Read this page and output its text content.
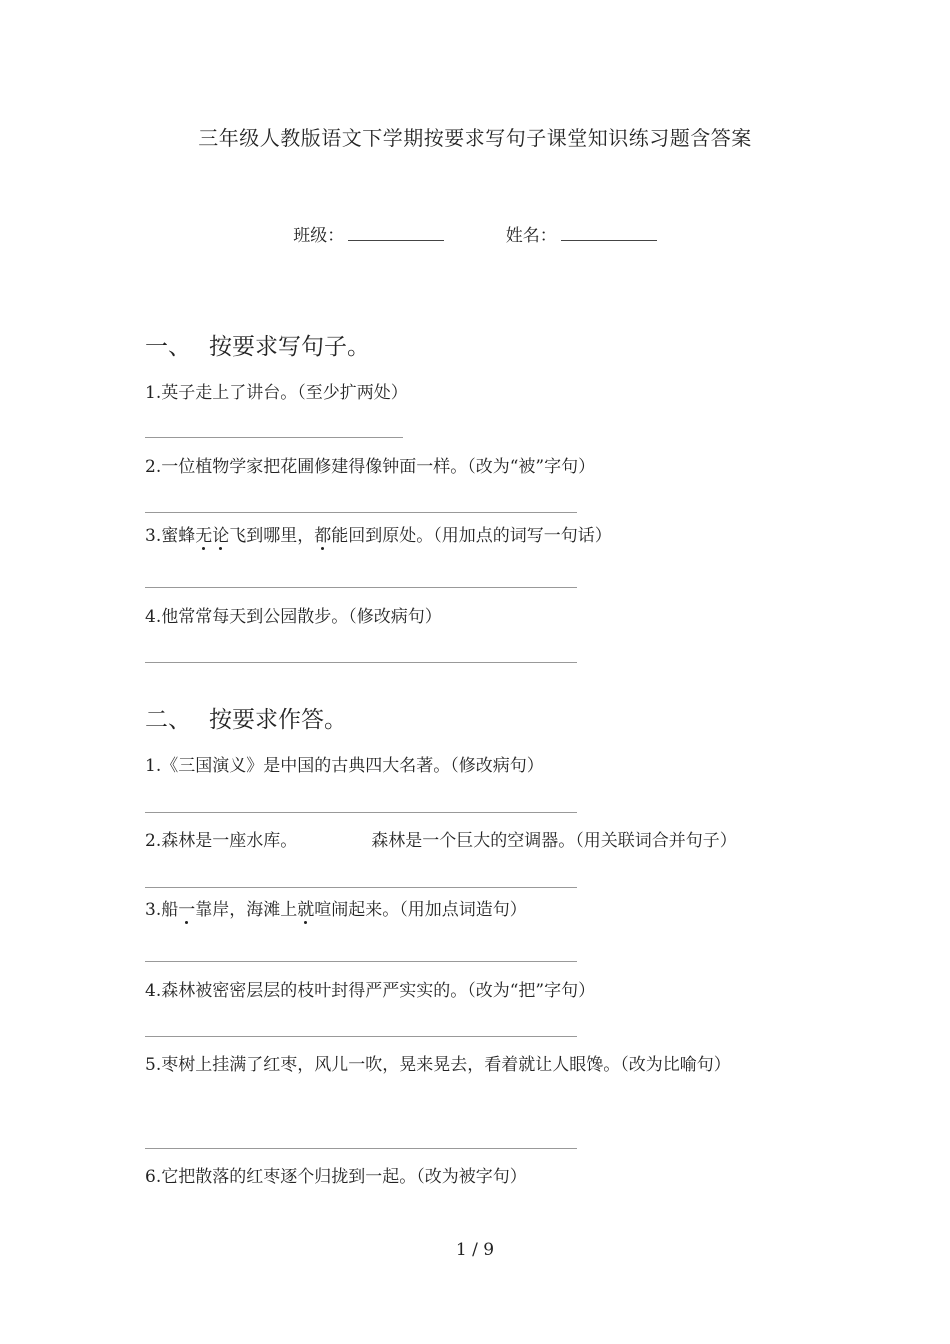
三年级人教版语文下学期按要求写句子课堂知识练习题含答案
班级：	姓名：
一、 按要求写句子。
1.英子走上了讲台。（至少扩两处）
2.一位植物学家把花圃修建得像钟面一样。（改为“被”字句）
3.蜜蜂无论飞到哪里，都能回到原处。（用加点的词写一句话）
4.他常常每天到公园散步。（修改病句）
二、 按要求作答。
1.《三国演义》是中国的古典四大名著。（修改病句）
2.森林是一座水库。	森林是一个巨大的空调器。（用关联词合并句子）
3.船一靠岸，海滩上就喧闹起来。（用加点词造句）
4.森林被密密层层的枝叶封得严严实实的。（改为“把”字句）
5.枣树上挂满了红枣，风儿一吹，晃来晃去，看着就让人眼馋。（改为比喻句）
6.它把散落的红枣逐个归拢到一起。（改为被字句）
1 / 9
